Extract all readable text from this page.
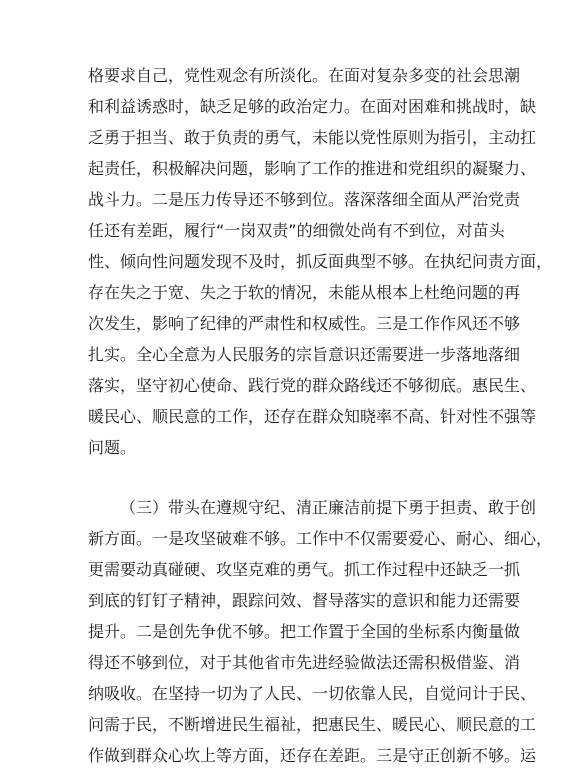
格要求自己，党性观念有所淡化。在面对复杂多变的社会思潮
和利益诱惑时，缺乏足够的政治定力。在面对困难和挑战时，缺
乏勇于担当、敢于负责的勇气，未能以党性原则为指引，主动扛
起责任，积极解决问题，影响了工作的推进和党组织的凝聚力、
战斗力。二是压力传导还不够到位。落深落细全面从严治党责
任还有差距，履行“一岗双责”的细微处尚有不到位，对苗头
性、倾向性问题发现不及时，抓反面典型不够。在执纪问责方面，
存在失之于宽、失之于软的情况，未能从根本上杜绝问题的再
次发生，影响了纪律的严肃性和权威性。三是工作作风还不够
扎实。全心全意为人民服务的宗旨意识还需要进一步落地落细
落实，坚守初心使命、践行党的群众路线还不够彻底。惠民生、
暖民心、顺民意的工作，还存在群众知晓率不高、针对性不强等
问题。
（三）带头在遵规守纪、清正廉洁前提下勇于担责、敢于创
新方面。一是攻坚破难不够。工作中不仅需要爱心、耐心、细心，
更需要动真碰硬、攻坚克难的勇气。抓工作过程中还缺乏一抓
到底的钉钉子精神，跟踪问效、督导落实的意识和能力还需要
提升。二是创先争优不够。把工作置于全国的坐标系内衡量做
得还不够到位，对于其他省市先进经验做法还需积极借鉴、消
纳吸收。在坚持一切为了人民、一切依靠人民，自觉问计于民、
问需于民，不断增进民生福祉，把惠民生、暖民心、顺民意的工
作做到群众心坎上等方面，还存在差距。三是守正创新不够。运
